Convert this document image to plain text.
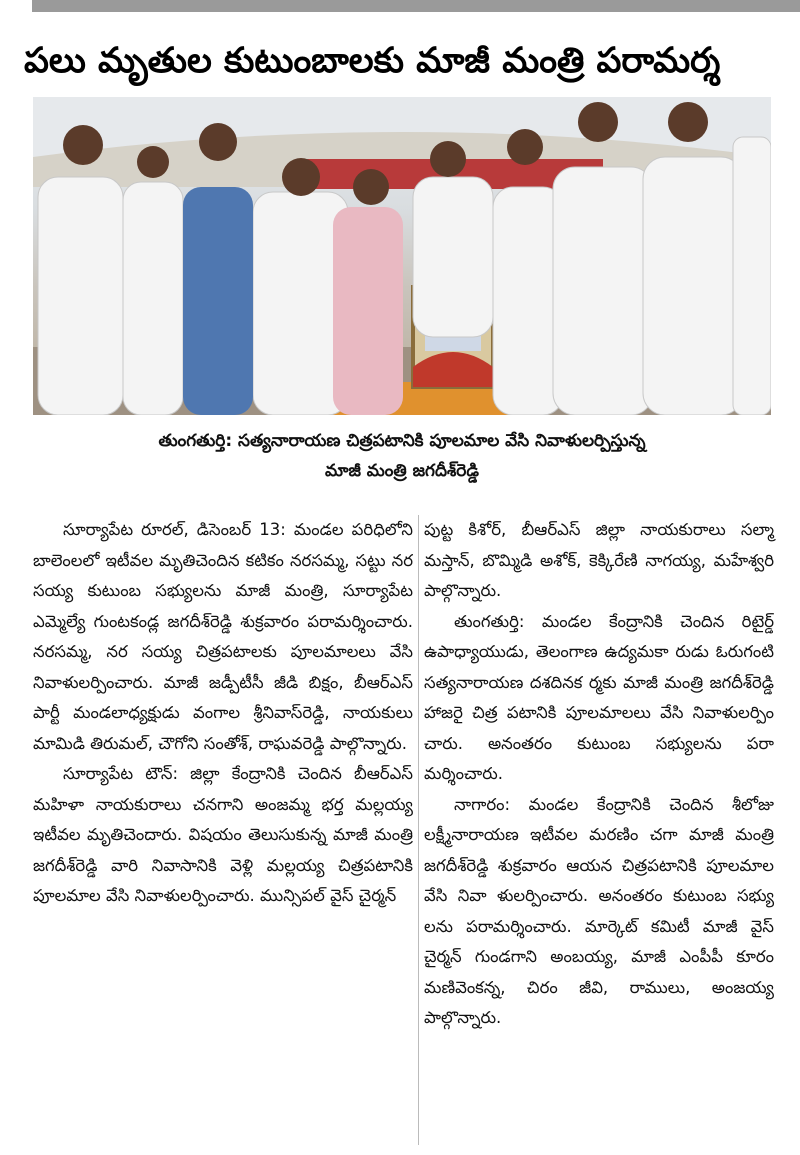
పలు మృతుల కుటుంబాలకు మాజీ మంత్రి పరామర్శ
తుంగతుర్తి: సత్యనారాయణ చిత్రపటానికి పూలమాల వేసి నివాళులర్పిస్తున్న
మాజీ మంత్రి జగదీశ్‌రెడ్డి

సూర్యాపేట రూరల్‌, డిసెంబర్‌ 13: మండల పరిధిలోని బాలెంలలో ఇటీవల మృతిచెందిన కటికం నరసమ్మ, సట్టు నర సయ్య కుటుంబ సభ్యులను మాజీ మంత్రి, సూర్యాపేట ఎమ్మెల్యే గుంటకండ్ల జగదీశ్‌రెడ్డి శుక్రవారం పరామర్శించారు. నరసమ్మ, నర సయ్య చిత్రపటాలకు పూలమాలలు వేసి నివాళులర్పించారు. మాజీ జడ్పీటీసీ జీడి బిక్షం, బీఆర్‌ఎస్‌ పార్టీ మండలాధ్యక్షుడు వంగాల శ్రీనివాస్‌రెడ్డి, నాయకులు మామిడి తిరుమల్‌, చౌగోని సంతోశ్‌, రాఘవరెడ్డి పాల్గొన్నారు.

సూర్యాపేట టౌన్‌: జిల్లా కేంద్రానికి చెందిన బీఆర్‌ఎస్‌ మహిళా నాయకురాలు చనగాని అంజమ్మ భర్త మల్లయ్య ఇటీవల మృతిచెందారు. విషయం తెలుసుకున్న మాజీ మంత్రి జగదీశ్‌రెడ్డి వారి నివాసానికి వెళ్లి మల్లయ్య చిత్రపటానికి పూలమాల వేసి నివాళులర్పించారు. మున్సిపల్‌ వైస్‌ చైర్మన్‌

పుట్ట కిశోర్‌, బీఆర్‌ఎస్‌ జిల్లా నాయకురాలు సల్మా మస్తాన్‌, బొమ్మిడి అశోక్‌, కెక్కిరేణి నాగయ్య, మహేశ్వరి పాల్గొన్నారు.

తుంగతుర్తి: మండల కేంద్రానికి చెందిన రిటైర్డ్‌ ఉపాధ్యాయుడు, తెలంగాణ ఉద్యమకా రుడు ఓరుగంటి సత్యనారాయణ దశదినక ర్మకు మాజీ మంత్రి జగదీశ్‌రెడ్డి హాజరై చిత్ర పటానికి పూలమాలలు వేసి నివాళులర్పిం చారు. అనంతరం కుటుంబ సభ్యులను పరా మర్శించారు.

నాగారం: మండల కేంద్రానికి చెందిన శీలోజు లక్ష్మీనారాయణ ఇటీవల మరణిం చగా మాజీ మంత్రి జగదీశ్‌రెడ్డి శుక్రవారం ఆయన చిత్రపటానికి పూలమాల వేసి నివా ళులర్పించారు. అనంతరం కుటుంబ సభ్యు లను పరామర్శించారు. మార్కెట్‌ కమిటీ మాజీ వైస్‌ చైర్మన్‌ గుండగాని అంబయ్య, మాజీ ఎంపీపీ కూరం మణివెంకన్న, చిరం జీవి, రాములు, అంజయ్య పాల్గొన్నారు.
